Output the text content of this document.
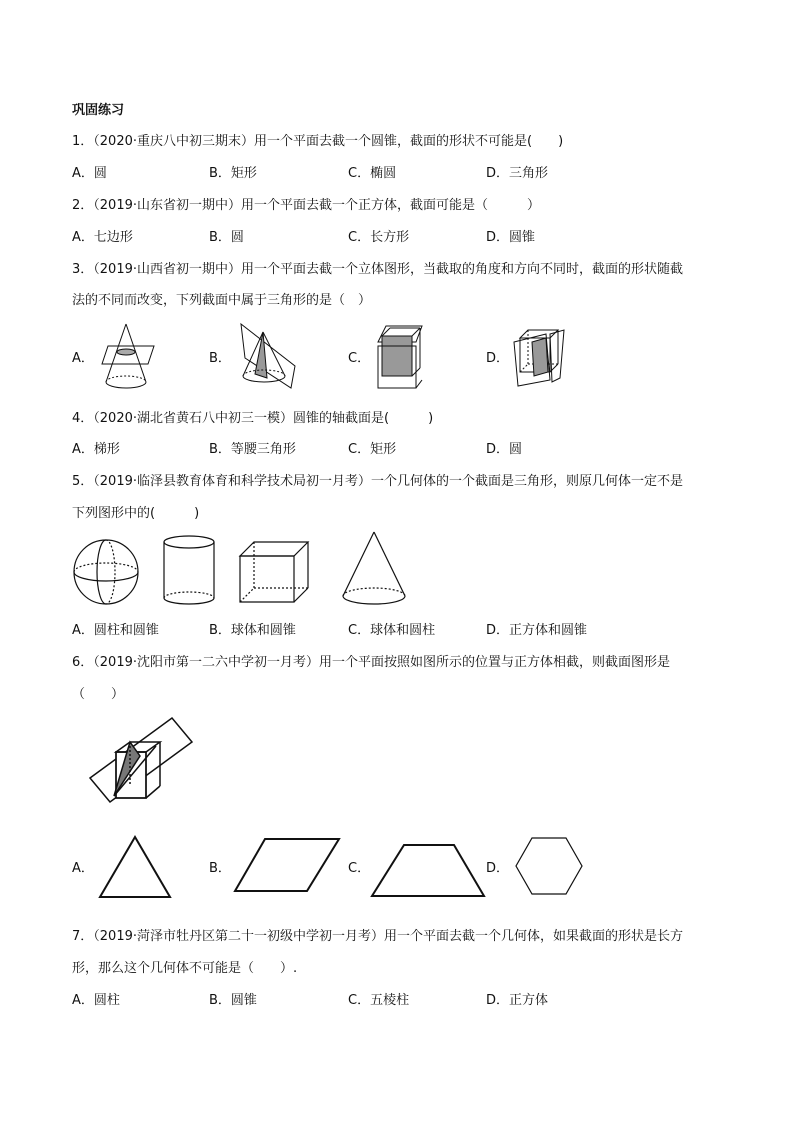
巩固练习
1．（2020·重庆八中初三期末）用一个平面去截一个圆锥，截面的形状不可能是(　　)
A．圆	B．矩形	C．椭圆	D．三角形
2．（2019·山东省初一期中）用一个平面去截一个正方体，截面可能是（　　　）
A．七边形	B．圆	C．长方形	D．圆锥
3．（2019·山西省初一期中）用一个平面去截一个立体图形，当截取的角度和方向不同时，截面的形状随截
法的不同而改变，下列截面中属于三角形的是（　）
A．	B．	C．	D．
4．（2020·湖北省黄石八中初三一模）圆锥的轴截面是(　　　)
A．梯形	B．等腰三角形	C．矩形	D．圆
5．（2019·临泽县教育体育和科学技术局初一月考）一个几何体的一个截面是三角形，则原几何体一定不是
下列图形中的(　　　)
A．圆柱和圆锥	B．球体和圆锥	C．球体和圆柱	D．正方体和圆锥
6．（2019·沈阳市第一二六中学初一月考）用一个平面按照如图所示的位置与正方体相截，则截面图形是
（　　）
A．	B．	C．	D．
7．（2019·菏泽市牡丹区第二十一初级中学初一月考）用一个平面去截一个几何体，如果截面的形状是长方
形，那么这个几何体不可能是（　　）.
A．圆柱	B．圆锥	C．五棱柱	D．正方体
